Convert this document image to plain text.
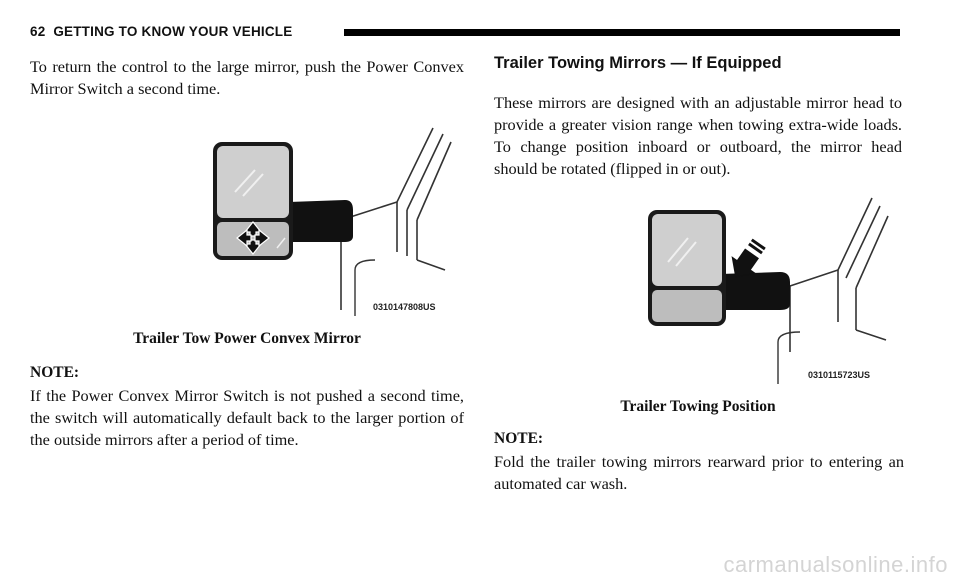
62 GETTING TO KNOW YOUR VEHICLE
To return the control to the large mirror, push the Power Convex Mirror Switch a second time.
0310147808US
Trailer Tow Power Convex Mirror
NOTE:
If the Power Convex Mirror Switch is not pushed a second time, the switch will automatically default back to the larger portion of the outside mirrors after a period of time.
Trailer Towing Mirrors — If Equipped
These mirrors are designed with an adjustable mirror head to provide a greater vision range when towing extra-wide loads. To change position inboard or outboard, the mirror head should be rotated (flipped in or out).
0310115723US
Trailer Towing Position
NOTE:
Fold the trailer towing mirrors rearward prior to entering an automated car wash.
carmanualsonline.info
